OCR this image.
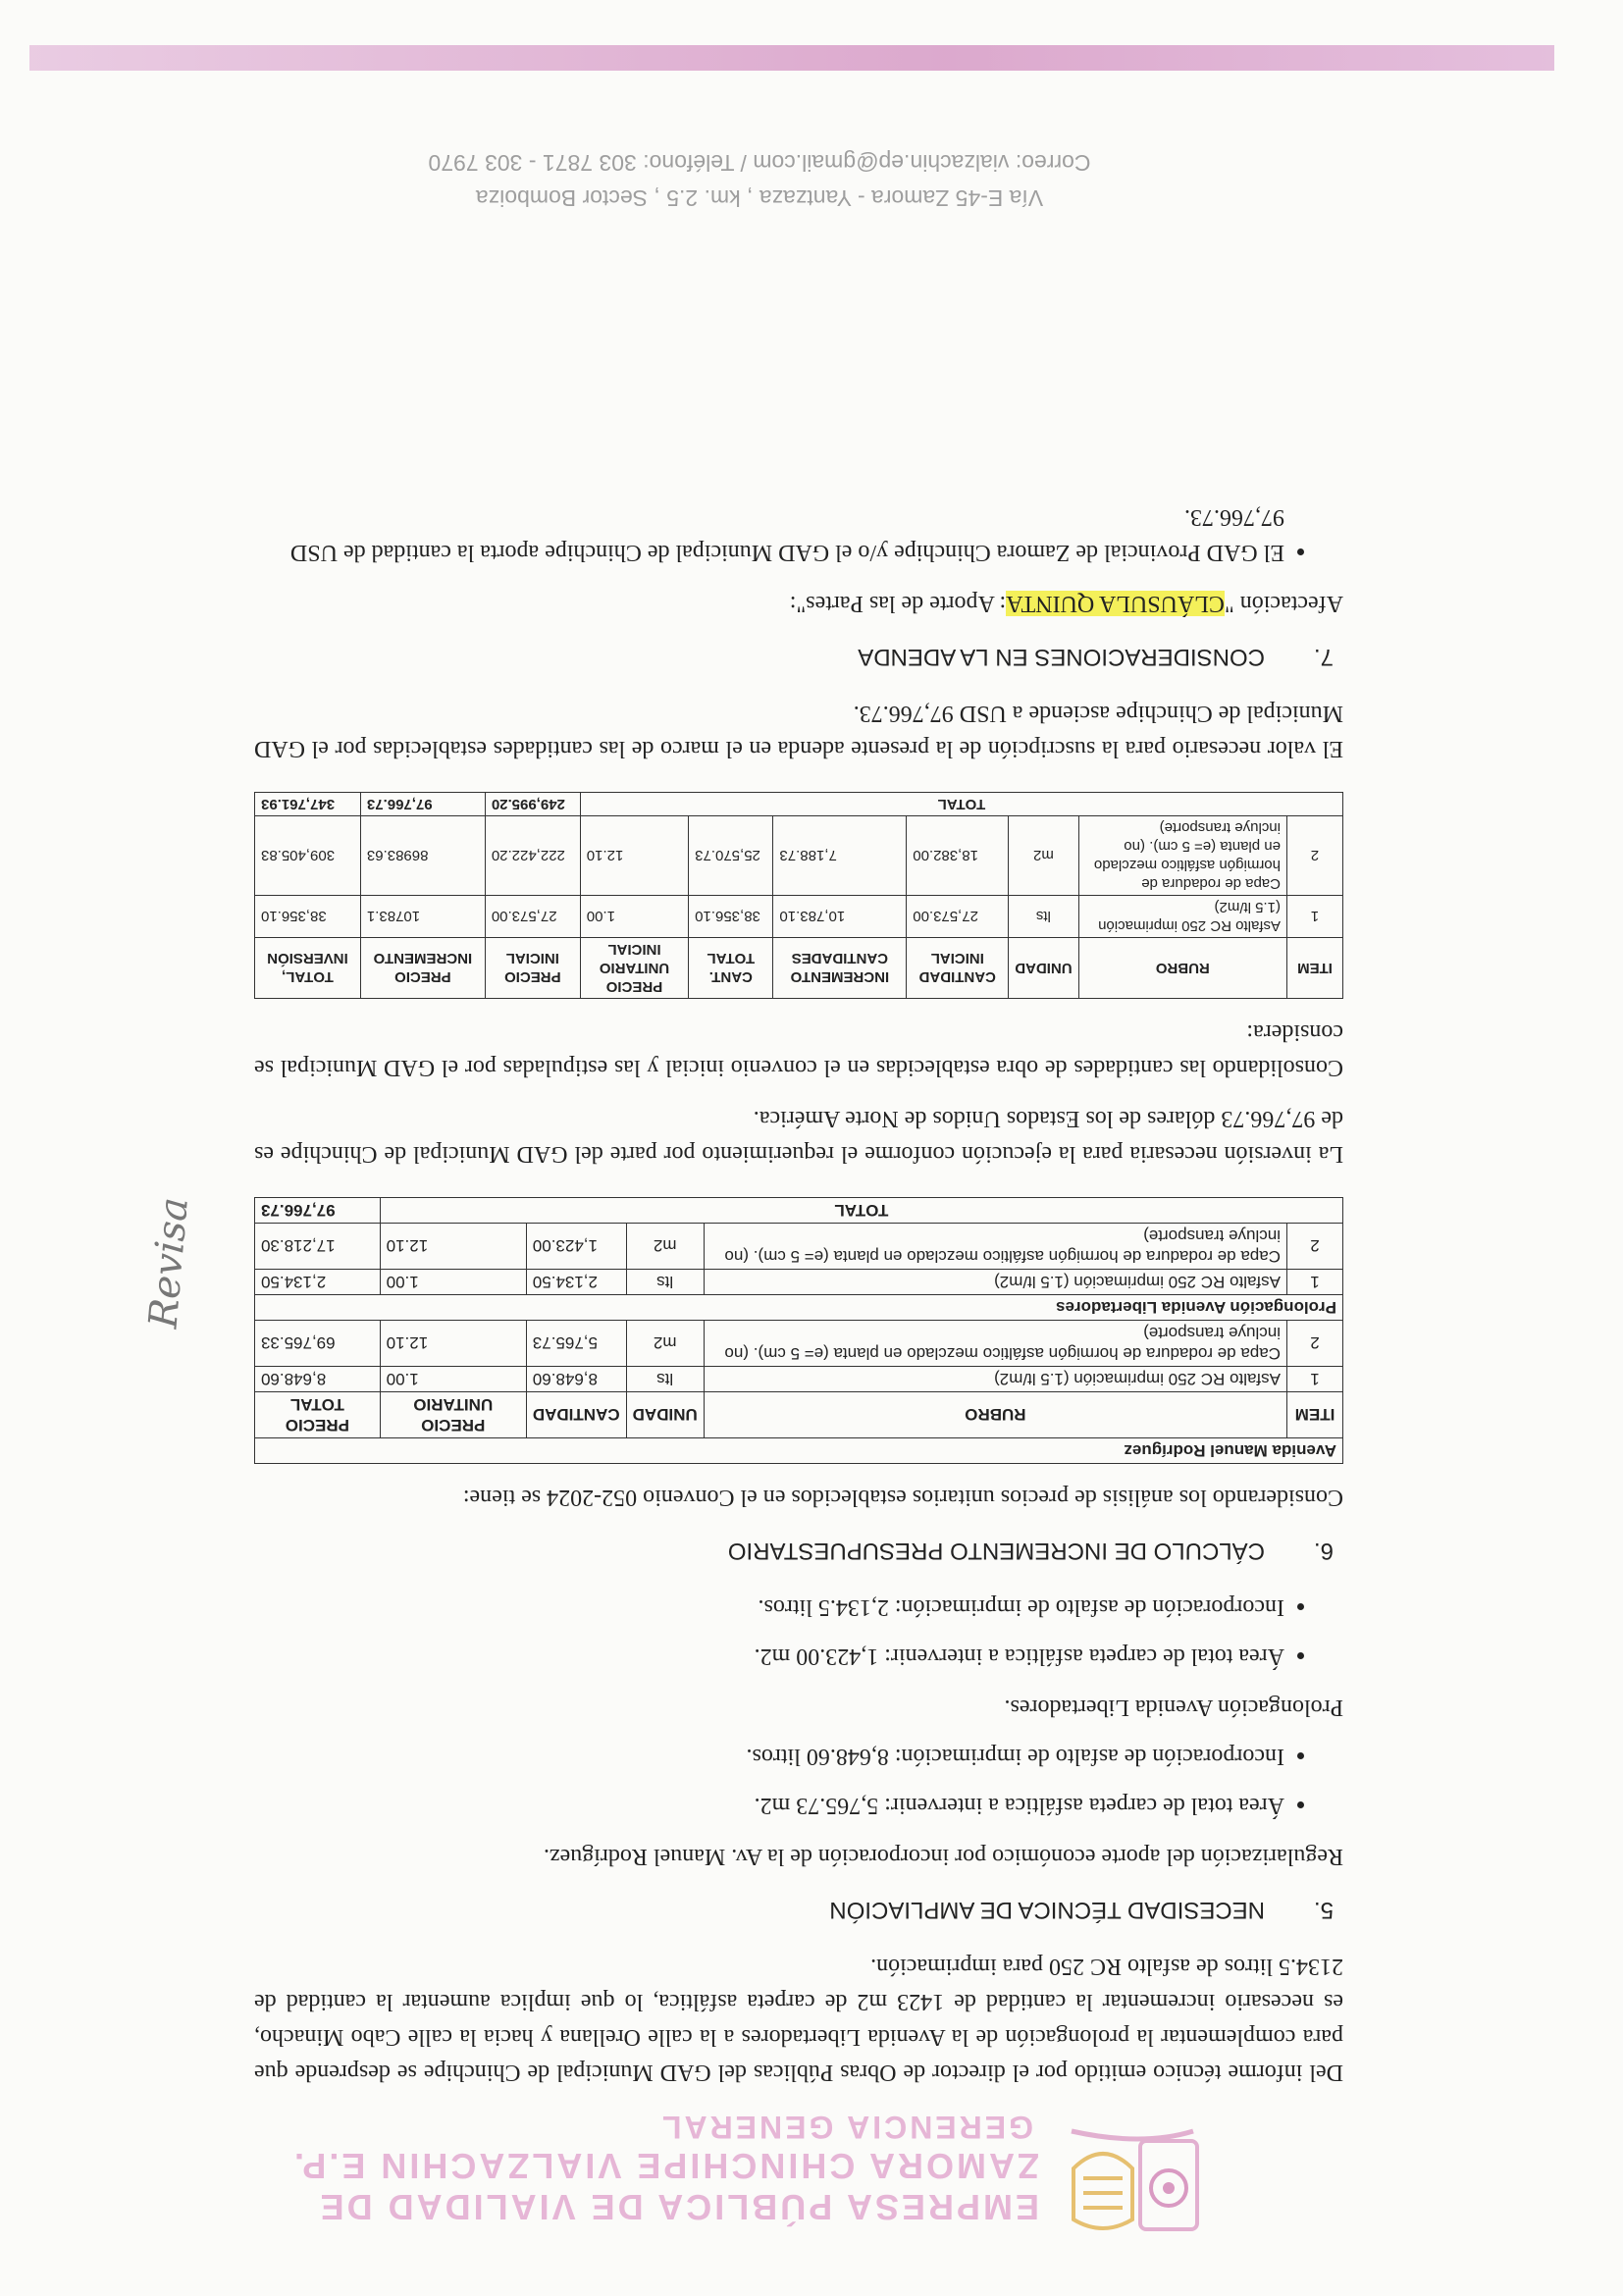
EMPRESA PÚBLICA DE VIALIDAD DE
ZAMORA CHINCHIPE VIALZACHIN E.P.
GERENCIA GENERAL

Del informe técnico emitido por el director de Obras Públicas del GAD Municipal de Chinchipe se desprende que para complementar la prolongación de la Avenida Libertadores a la calle Orellana y hacia la calle Cabo Minacho, es necesario incrementar la cantidad de 1423 m2 de carpeta asfáltica, lo que implica aumentar la cantidad de 2134.5 litros de asfalto RC 250 para imprimación.

5.NECESIDAD TÉCNICA DE AMPLIACIÓN

Regularización del aporte económico por incorporación de la Av. Manuel Rodríguez.

• Área total de carpeta asfáltica a intervenir: 5,765.73 m2.
• Incorporación de asfalto de imprimación: 8,648.60 litros.

Prolongación Avenida Libertadores.

• Área total de carpeta asfáltica a intervenir: 1,423.00 m2.
• Incorporación de asfalto de imprimación: 2,134.5 litros.
6.CÁLCULO DE INCREMENTO PRESUPUESTARIO

Considerando los análisis de precios unitarios establecidos en el Convenio 052-2024 se tiene:

Avenida Manuel Rodríguez					
ITEM	RUBRO	UNIDAD	CANTIDAD	PRECIO UNITARIO	PRECIO TOTAL
1	Asfalto RC 250 imprimación (1.5 lt/m2)	lts	8,648.60	1.00	8,648.60
2	Capa de rodadura de hormigón asfáltico mezclado en planta (e= 5 cm). (no incluye transporte)	m2	5,765.73	12.10	69,765.33
Prolongación Avenida Libertadores					
1	Asfalto RC 250 imprimación (1.5 lt/m2)	lts	2,134.50	1.00	2,134.50
2	Capa de rodadura de hormigón asfáltico mezclado en planta (e= 5 cm). (no incluye transporte)	m2	1,423.00	12.10	17,218.30
TOTAL					97,766.73

La inversión necesaria para la ejecución conforme el requerimiento por parte del GAD Municipal de Chinchipe es de 97,766.73 dólares de los Estados Unidos de Norte América.

Consolidando las cantidades de obra establecidas en el convenio inicial y las estipuladas por el GAD Municipal se considera:

ITEM	RUBRO	UNIDAD	CANTIDAD INICIAL	INCREMENTO CANTIDADES	CANT. TOTAL	PRECIO UNITARIO INICIAL	PRECIO INICIAL	PRECIO INCREMENTO	TOTAL, INVERSIÓN
1	Asfalto RC 250 imprimación (1.5 lt/m2)	lts	27,573.00	10,783.10	38,356.10	1.00	27,573.00	10783.1	38,356.10
2	Capa de rodadura de hormigón asfáltico mezclado en planta (e= 5 cm). (no incluye transporte)	m2	18,382.00	7,188.73	25,570.73	12.10	222,422.20	86983.63	309,405.83
TOTAL							249,995.20	97,766.73	347,761.93

El valor necesario para la suscripción de la presente adenda en el marco de las cantidades establecidas por el GAD Municipal de Chinchipe asciende a USD 97,766.73.

7.CONSIDERACIONES EN LA ADENDA

Afectación "CLÁUSULA QUINTA: Aporte de las Partes":

• El GAD Provincial de Zamora Chinchipe y/o el GAD Municipal de Chinchipe aporta la cantidad de USD 97,766.73.
Revisa
Vía E-45 Zamora - Yantzaza , km. 2.5 , Sector Bomboiza
Correo: vialzachin.ep@gmail.com / Teléfono: 303 7871 - 303 7970
